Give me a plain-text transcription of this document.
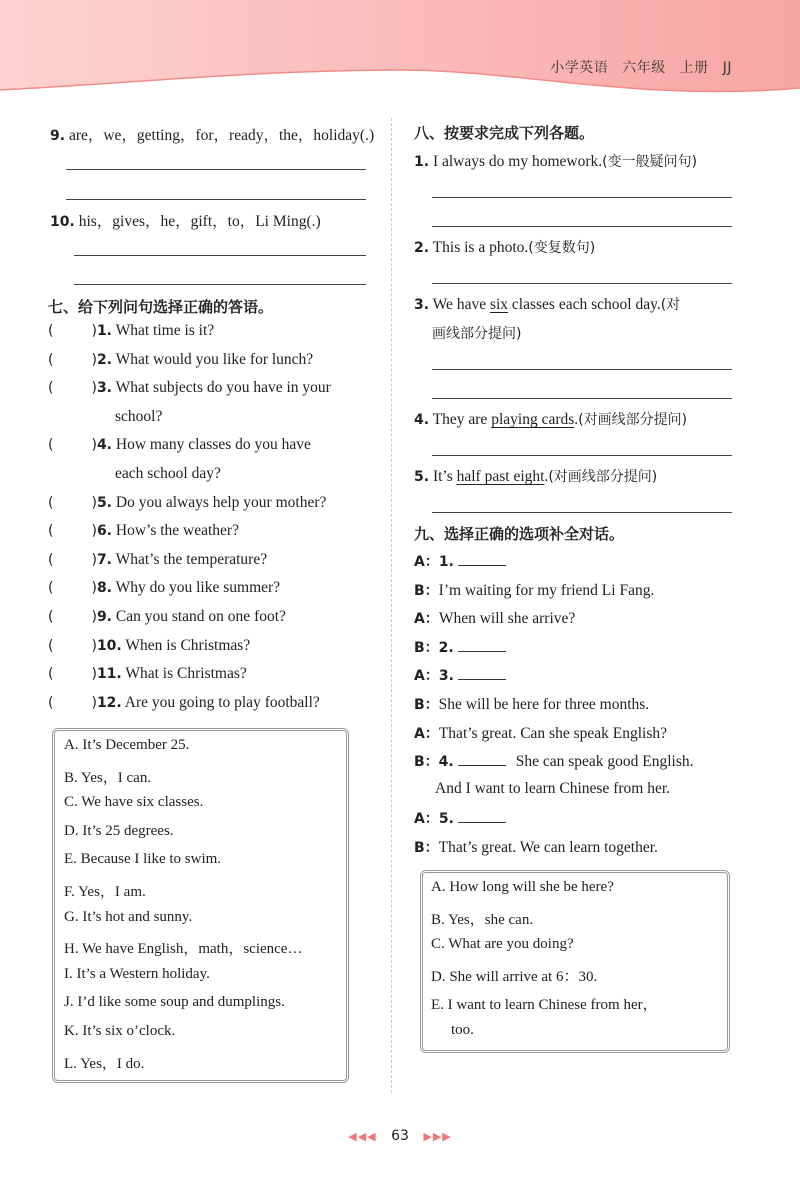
小学英语 六年级 上册 JJ
9. are，we，getting，for，ready，the，holiday(.)
10. his，gives，he，gift，to，Li Ming(.)
七、给下列问句选择正确的答语。
(	)1. What time is it?
(	)2. What would you like for lunch?
(	)3. What subjects do you have in your
school?
(	)4. How many classes do you have
each school day?
(	)5. Do you always help your mother?
(	)6. How’s the weather?
(	)7. What’s the temperature?
(	)8. Why do you like summer?
(	)9. Can you stand on one foot?
(	)10. When is Christmas?
(	)11. What is Christmas?
(	)12. Are you going to play football?
A. It’s December 25.
B. Yes，I can.
C. We have six classes.
D. It’s 25 degrees.
E. Because I like to swim.
F. Yes，I am.
G. It’s hot and sunny.
H. We have English，math，science…
I. It’s a Western holiday.
J. I’d like some soup and dumplings.
K. It’s six o’clock.
L. Yes，I do.
八、按要求完成下列各题。
1. I always do my homework.(变一般疑问句)
2. This is a photo.(变复数句)
3. We have six classes each school day.(对
画线部分提问)
4. They are playing cards.(对画线部分提问)
5. It’s half past eight.(对画线部分提问)
九、选择正确的选项补全对话。
A：1.
B：I’m waiting for my friend Li Fang.
A：When will she arrive?
B：2.
A：3.
B：She will be here for three months.
A：That’s great. Can she speak English?
B：4.	She can speak good English.
And I want to learn Chinese from her.
A：5.
B：That’s great. We can learn together.
A. How long will she be here?
B. Yes，she can.
C. What are you doing?
D. She will arrive at 6：30.
E. I want to learn Chinese from her，
too.
◀◀◀ 63 ▶▶▶
